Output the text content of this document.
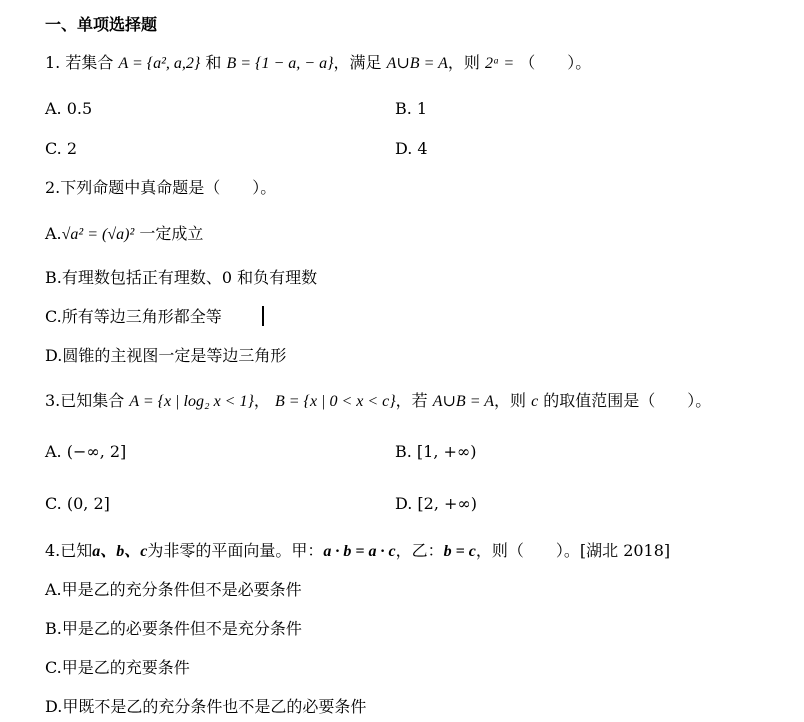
一、单项选择题
1. 若集合 A = {a², a,2} 和 B = {1 − a, − a}，满足 A∪B = A，则 2ᵃ = （　　）。
A. 0.5	B. 1
C. 2	D. 4
2.下列命题中真命题是（　　）。
A.√a² = (√a)² 一定成立
B.有理数包括正有理数、0 和负有理数
C.所有等边三角形都全等
D.圆锥的主视图一定是等边三角形
3.已知集合 A = {x | log₂ x < 1}， B = {x | 0 < x < c}，若 A∪B = A，则 c 的取值范围是（　　）。
A. (−∞, 2]	B. [1, +∞)
C. (0, 2]	D. [2, +∞)
4.已知a、b、c为非零的平面向量。甲：a · b = a · c，乙：b = c，则（　　）。[湖北 2018]
A.甲是乙的充分条件但不是必要条件
B.甲是乙的必要条件但不是充分条件
C.甲是乙的充要条件
D.甲既不是乙的充分条件也不是乙的必要条件
